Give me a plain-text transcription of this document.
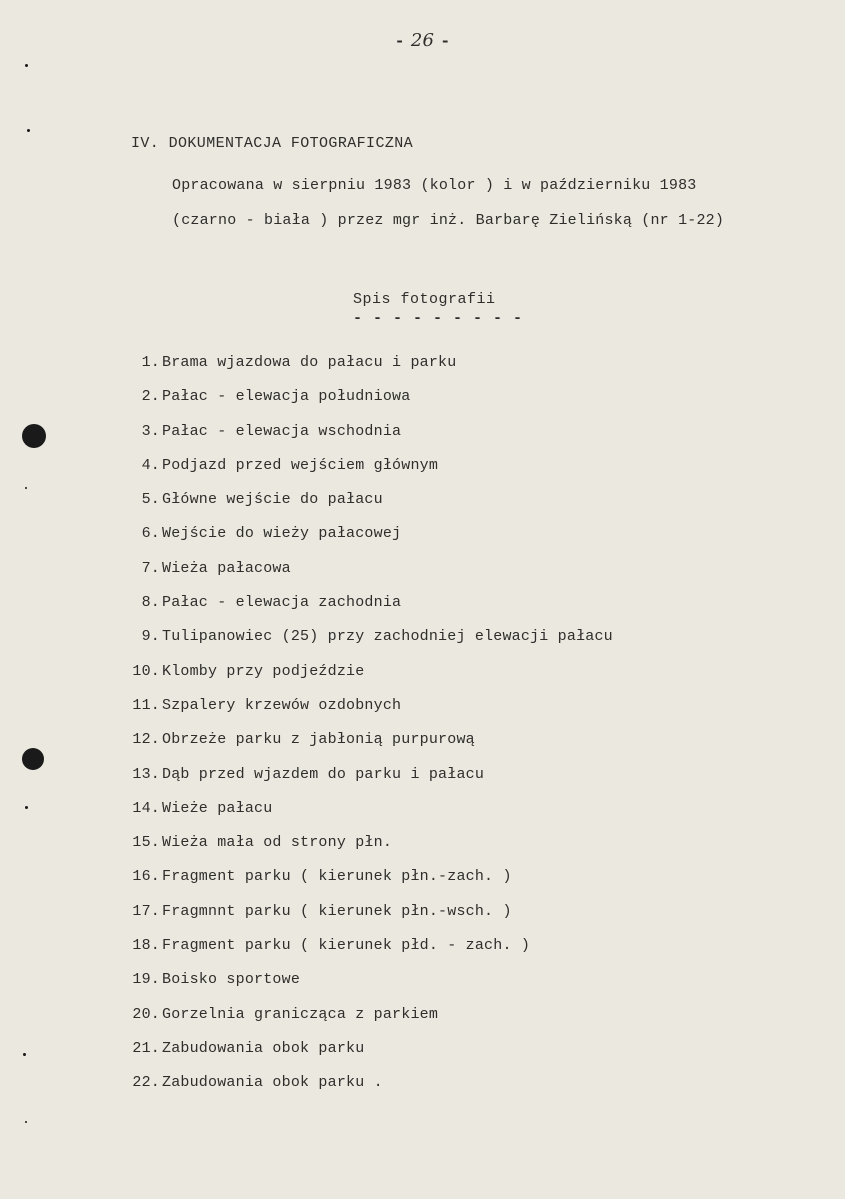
- 26 -
IV. DOKUMENTACJA FOTOGRAFICZNA
Opracowana w sierpniu 1983 (kolor ) i w październiku 1983
(czarno - biała ) przez mgr inż. Barbarę Zielińską (nr 1-22)
Spis fotografii
- - - - - - - - -
1. Brama wjazdowa do pałacu i parku
2. Pałac - elewacja południowa
3. Pałac - elewacja wschodnia
4. Podjazd przed wejściem głównym
5. Główne wejście do pałacu
6. Wejście do wieży pałacowej
7. Wieża pałacowa
8. Pałac - elewacja zachodnia
9. Tulipanowiec (25) przy zachodniej elewacji pałacu
10. Klomby przy podjeździe
11. Szpalery krzewów ozdobnych
12. Obrzeże parku z jabłonią purpurową
13. Dąb przed wjazdem do parku i pałacu
14. Wieże pałacu
15. Wieża mała od strony płn.
16. Fragment parku ( kierunek płn.-zach. )
17. Fragmnnt parku ( kierunek płn.-wsch. )
18. Fragment parku ( kierunek płd. - zach. )
19. Boisko sportowe
20. Gorzelnia granicząca z parkiem
21. Zabudowania obok parku
22. Zabudowania obok parku .
